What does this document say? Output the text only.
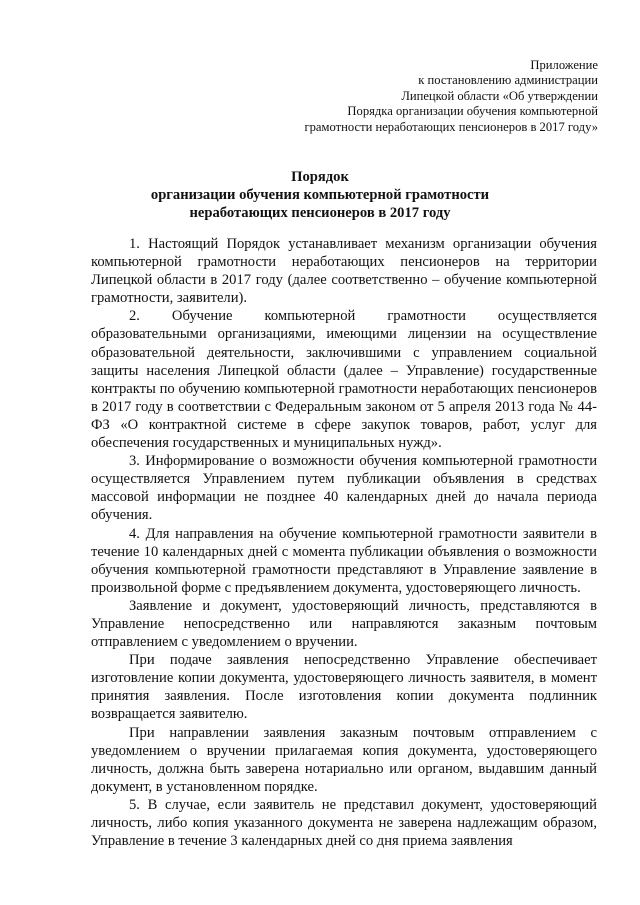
Приложение
к постановлению администрации
Липецкой области «Об утверждении
Порядка организации обучения компьютерной
грамотности неработающих пенсионеров в 2017 году»
Порядок
организации обучения компьютерной грамотности
неработающих пенсионеров в 2017 году

1. Настоящий Порядок устанавливает механизм организации обучения компьютерной грамотности неработающих пенсионеров на территории Липецкой области в 2017 году (далее соответственно – обучение компьютерной грамотности, заявители).

2. Обучение компьютерной грамотности осуществляется образовательными организациями, имеющими лицензии на осуществление образовательной деятельности, заключившими с управлением социальной защиты населения Липецкой области (далее – Управление) государственные контракты по обучению компьютерной грамотности неработающих пенсионеров в 2017 году в соответствии с Федеральным законом от 5 апреля 2013 года № 44-ФЗ «О контрактной системе в сфере закупок товаров, работ, услуг для обеспечения государственных и муниципальных нужд».

3. Информирование о возможности обучения компьютерной грамотности осуществляется Управлением путем публикации объявления в средствах массовой информации не позднее 40 календарных дней до начала периода обучения.

4. Для направления на обучение компьютерной грамотности заявители в течение 10 календарных дней с момента публикации объявления о возможности обучения компьютерной грамотности представляют в Управление заявление в произвольной форме с предъявлением документа, удостоверяющего личность.

Заявление и документ, удостоверяющий личность, представляются в Управление непосредственно или направляются заказным почтовым отправлением с уведомлением о вручении.

При подаче заявления непосредственно Управление обеспечивает изготовление копии документа, удостоверяющего личность заявителя, в момент принятия заявления. После изготовления копии документа подлинник возвращается заявителю.

При направлении заявления заказным почтовым отправлением с уведомлением о вручении прилагаемая копия документа, удостоверяющего личность, должна быть заверена нотариально или органом, выдавшим данный документ, в установленном порядке.

5. В случае, если заявитель не представил документ, удостоверяющий личность, либо копия указанного документа не заверена надлежащим образом, Управление в течение 3 календарных дней со дня приема заявления
